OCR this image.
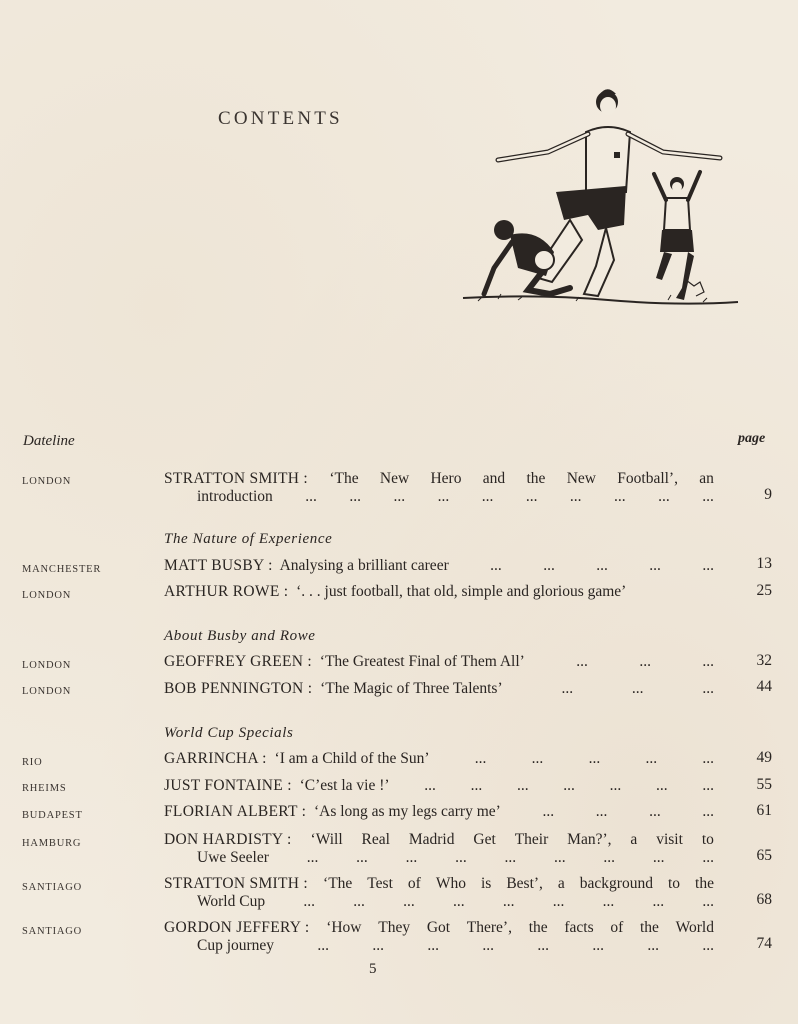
CONTENTS
Dateline	page
LONDON	STRATTON SMITH : ‘The New Hero and the New Football’, an
introduction ... ... ... ... ... ... ... ... ... ...	9
The Nature of Experience
MANCHESTER	MATT BUSBY : Analysing a brilliant career	...	...	...	...	...	13
LONDON	ARTHUR ROWE : ‘. . . just football, that old, simple and glorious game’	25
About Busby and Rowe
LONDON	GEOFFREY GREEN : ‘The Greatest Final of Them All’	...	...	...	32
LONDON	BOB PENNINGTON : ‘The Magic of Three Talents’	...	...	...	44
World Cup Specials
RIO	GARRINCHA : ‘I am a Child of the Sun’	...	...	...	...	...	49
RHEIMS	JUST FONTAINE : ‘C’est la vie !’ ... ... ... ... ... ... ...	55
BUDAPEST	FLORIAN ALBERT : ‘As long as my legs carry me’	...	...	...	...	61
HAMBURG	DON HARDISTY : ‘Will Real Madrid Get Their Man?’, a visit to
Uwe Seeler ... ... ... ... ... ... ... ... ...	65
SANTIAGO	STRATTON SMITH : ‘The Test of Who is Best’, a background to the
World Cup ... ... ... ... ... ... ... ... ...	68
SANTIAGO	GORDON JEFFERY : ‘How They Got There’, the facts of the World
Cup journey	...	...	...	...	...	...	...	...	74
5
